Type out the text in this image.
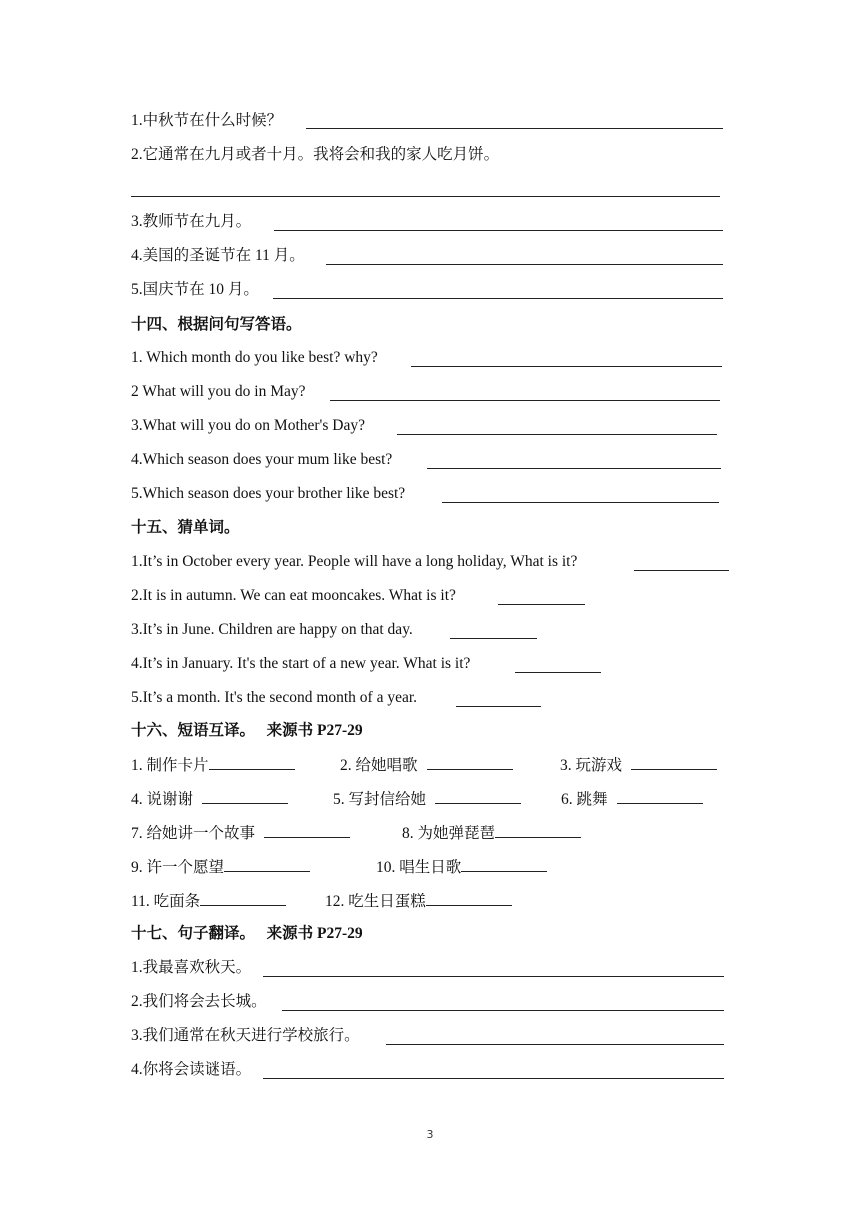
1.中秋节在什么时候？
2.它通常在九月或者十月。我将会和我的家人吃月饼。
3.教师节在九月。
4.美国的圣诞节在 11 月。
5.国庆节在 10 月。
十四、根据问句写答语。
1. Which month do you like best? why?
2 What will you do in May?
3.What will you do on Mother's Day?
4.Which season does your mum like best?
5.Which season does your brother like best?
十五、猜单词。
1.It’s in October every year. People will have a long holiday, What is it?
2.It is in autumn. We can eat mooncakes. What is it?
3.It’s in June. Children are happy on that day.
4.It’s in January. It's the start of a new year. What is it?
5.It’s a month. It's the second month of a year.
十六、短语互译。 来源书 P27-29
1. 制作卡片	2. 给她唱歌	3. 玩游戏
4. 说谢谢	5. 写封信给她	6. 跳舞
7. 给她讲一个故事	8. 为她弹琵琶
9. 许一个愿望	10. 唱生日歌
11. 吃面条	12. 吃生日蛋糕
十七、句子翻译。 来源书 P27-29
1.我最喜欢秋天。
2.我们将会去长城。
3.我们通常在秋天进行学校旅行。
4.你将会读谜语。
3
